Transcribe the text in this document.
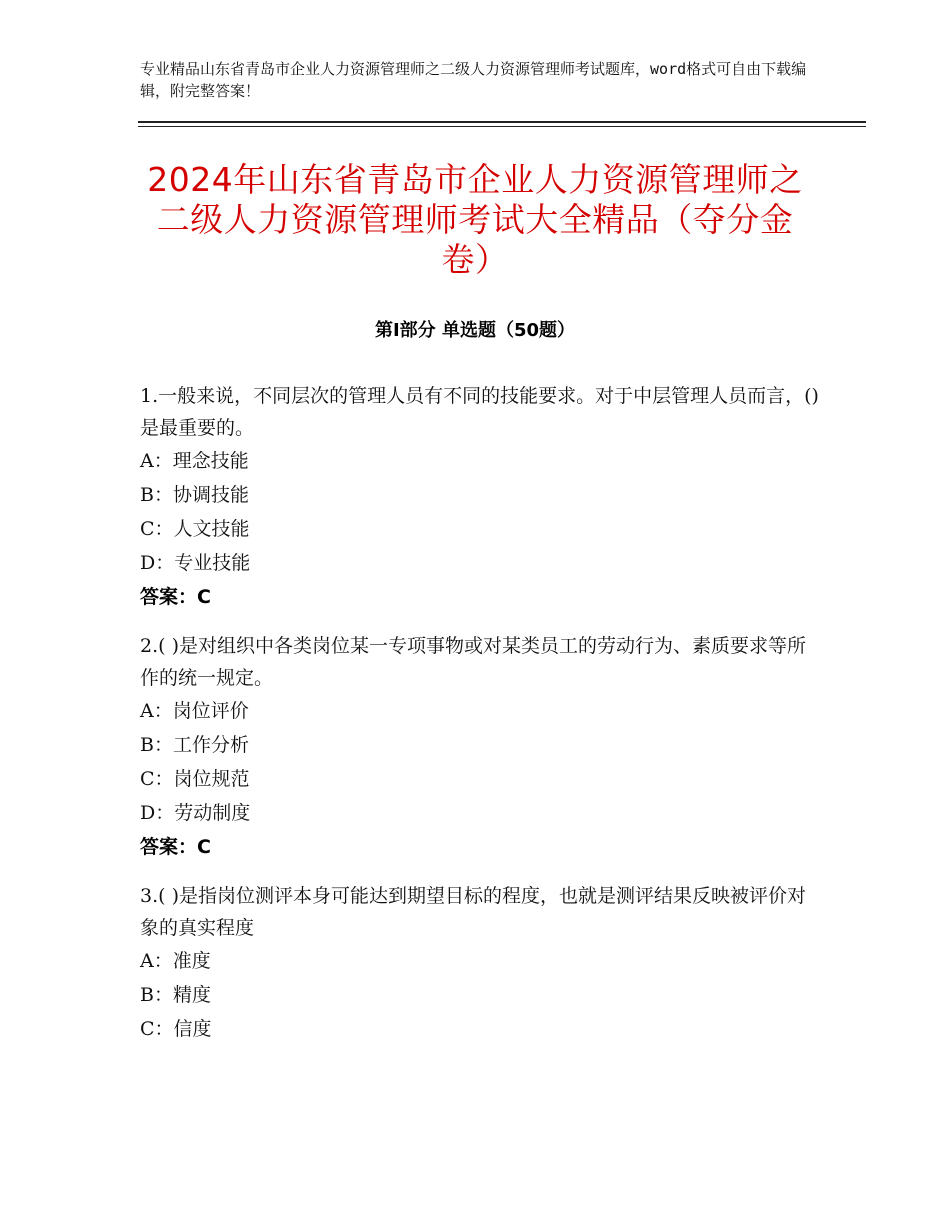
专业精品山东省青岛市企业人力资源管理师之二级人力资源管理师考试题库，word格式可自由下载编辑，附完整答案！
2024年山东省青岛市企业人力资源管理师之二级人力资源管理师考试大全精品（夺分金卷）
第Ⅰ部分 单选题（50题）
1.一般来说，不同层次的管理人员有不同的技能要求。对于中层管理人员而言，()是最重要的。
A：理念技能
B：协调技能
C：人文技能
D：专业技能
答案：C
2.( )是对组织中各类岗位某一专项事物或对某类员工的劳动行为、素质要求等所作的统一规定。
A：岗位评价
B：工作分析
C：岗位规范
D：劳动制度
答案：C
3.( )是指岗位测评本身可能达到期望目标的程度，也就是测评结果反映被评价对象的真实程度
A：准度
B：精度
C：信度
